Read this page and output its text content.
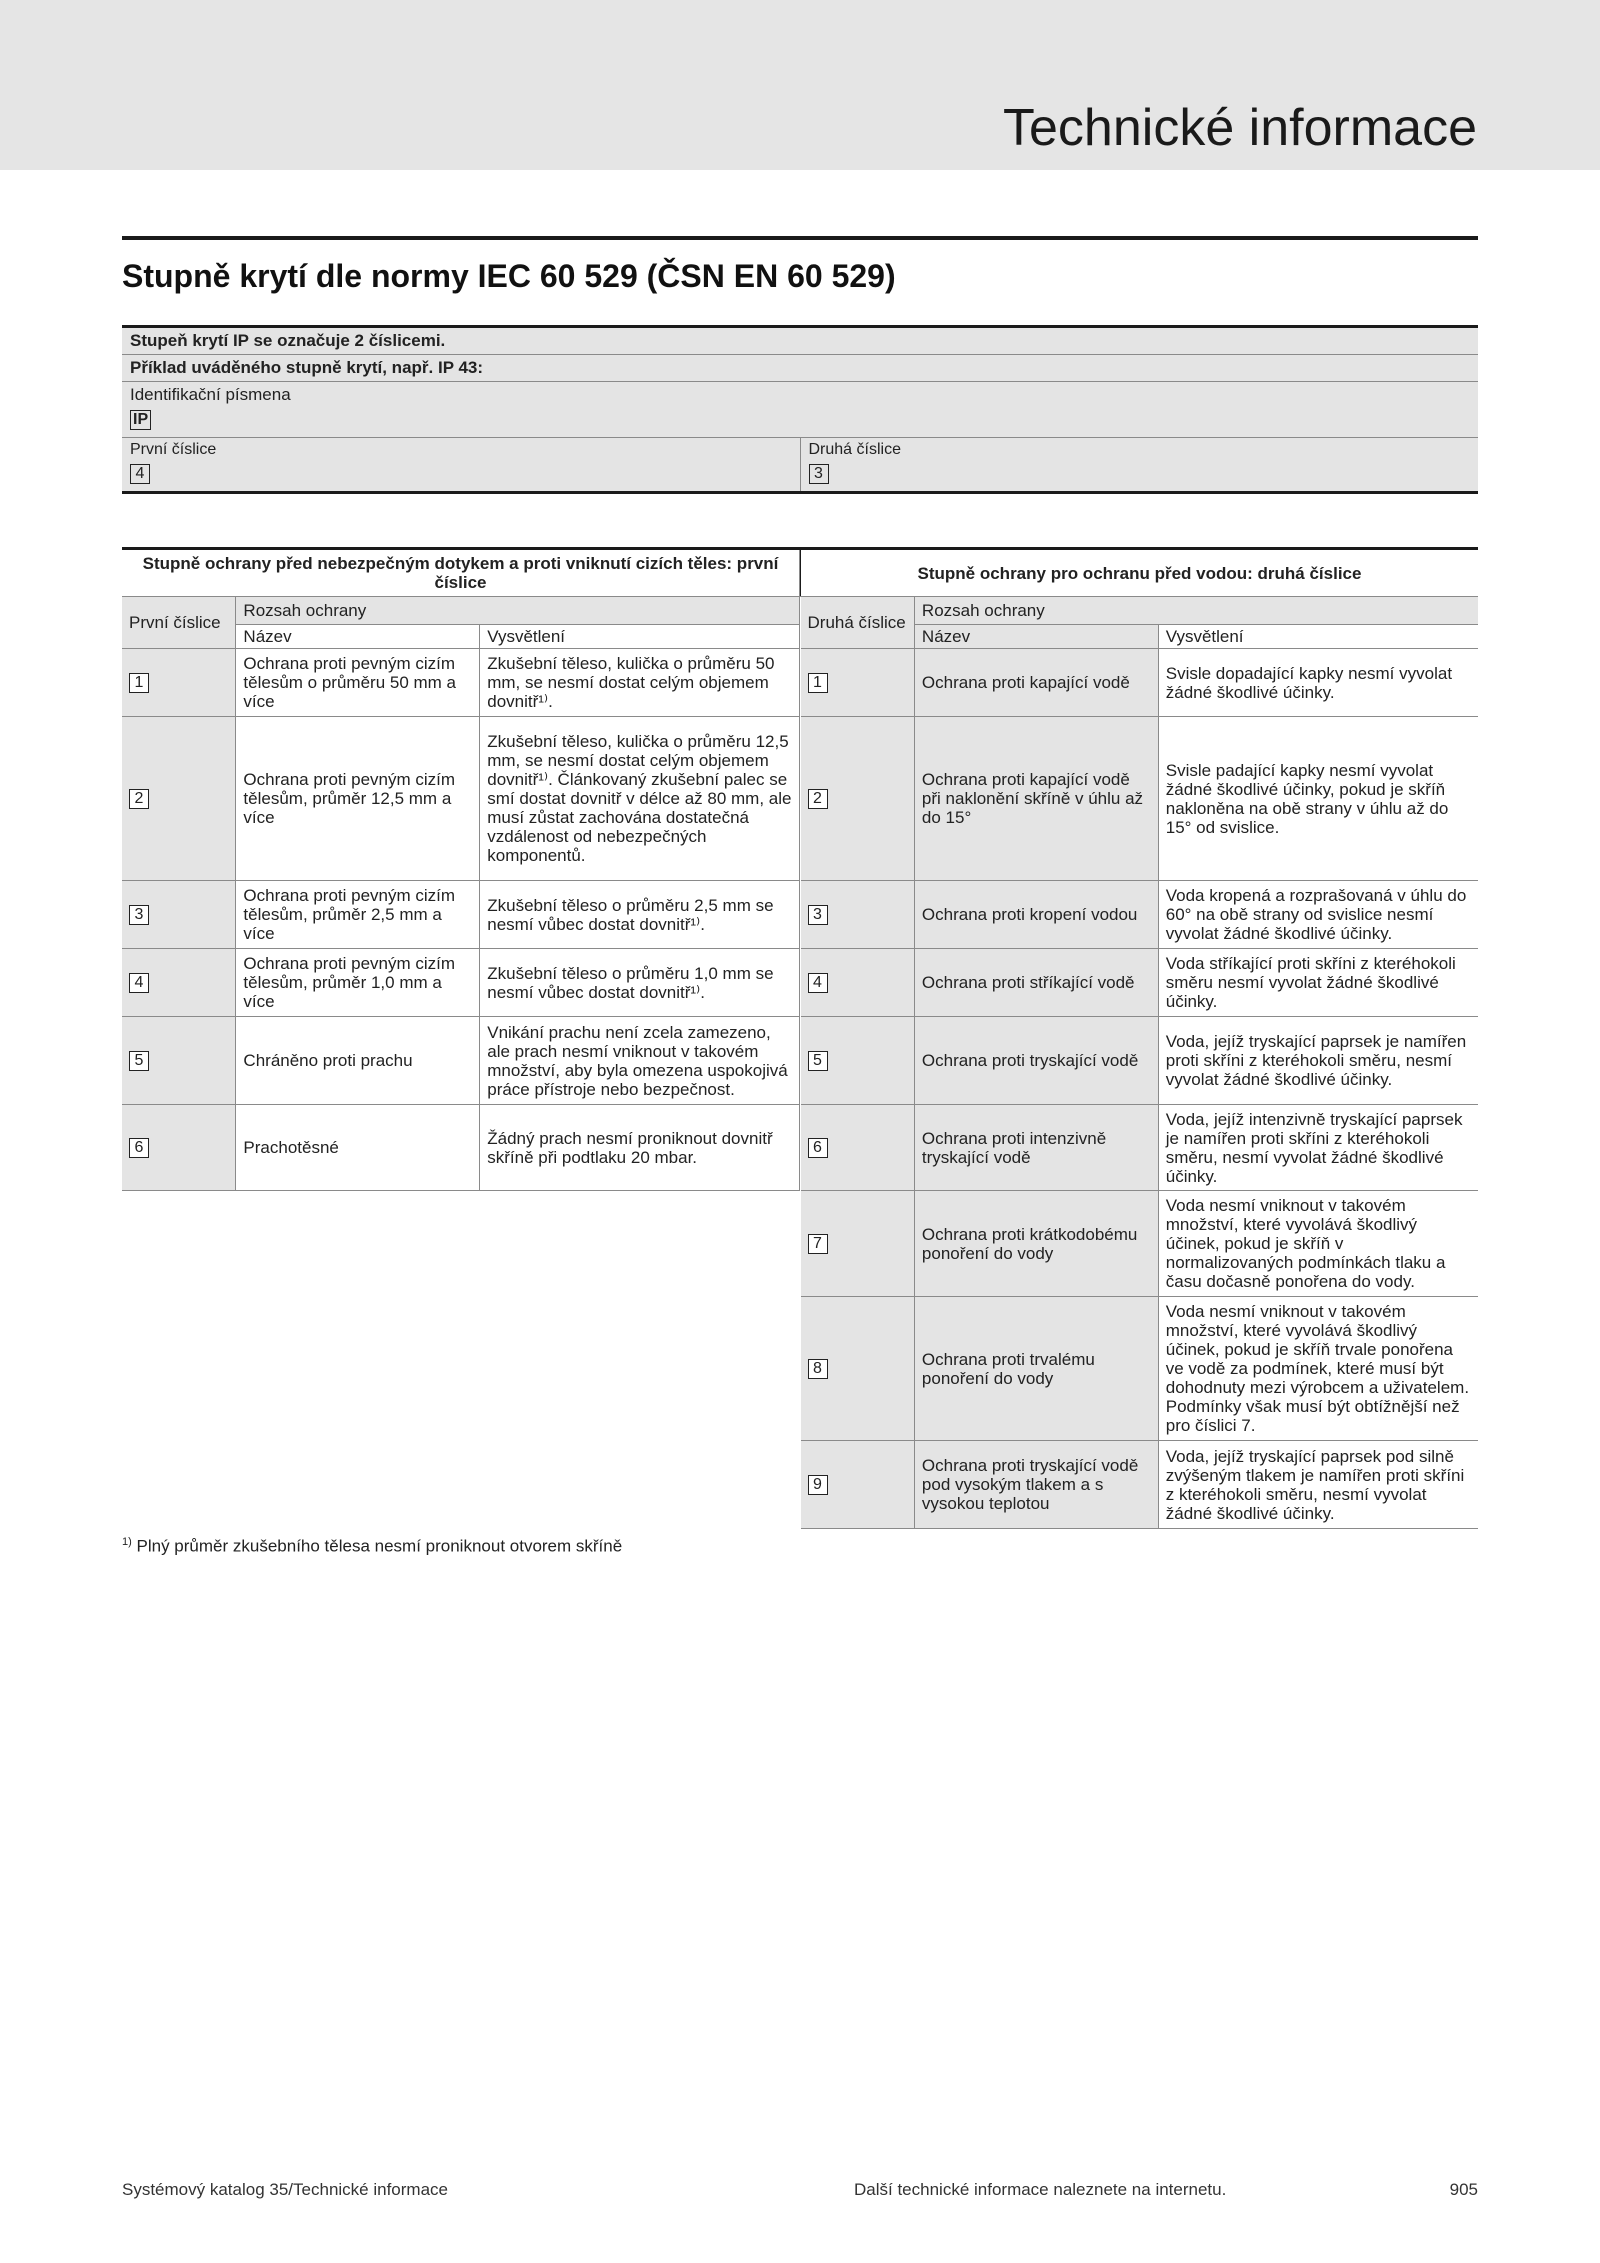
Technické informace
Stupně krytí dle normy IEC 60 529 (ČSN EN 60 529)
Stupeň krytí IP se označuje 2 číslicemi.
Příklad uváděného stupně krytí, např. IP 43:
Identifikační písmena
IP
První číslice
4
Druhá číslice
3
Stupně ochrany před nebezpečným dotykem a proti vniknutí cizích těles: první číslice		
První číslice	Rozsah ochrany	
	Název	Vysvětlení
1	Ochrana proti pevným cizím tělesům o průměru 50 mm a více	Zkušební těleso, kulička o průměru 50 mm, se nesmí dostat celým objemem dovnitř¹⁾.
2	Ochrana proti pevným cizím tělesům, průměr 12,5 mm a více	Zkušební těleso, kulička o průměru 12,5 mm, se nesmí dostat celým objemem dovnitř¹⁾. Článkovaný zkušební palec se smí dostat dovnitř v délce až 80 mm, ale musí zůstat zachována dostatečná vzdálenost od nebezpečných komponentů.
3	Ochrana proti pevným cizím tělesům, průměr 2,5 mm a více	Zkušební těleso o průměru 2,5 mm se nesmí vůbec dostat dovnitř¹⁾.
4	Ochrana proti pevným cizím tělesům, průměr 1,0 mm a více	Zkušební těleso o průměru 1,0 mm se nesmí vůbec dostat dovnitř¹⁾.
5	Chráněno proti prachu	Vnikání prachu není zcela zamezeno, ale prach nesmí vniknout v takovém množství, aby byla omezena uspokojivá práce přístroje nebo bezpečnost.
6	Prachotěsné	Žádný prach nesmí proniknout dovnitř skříně při podtlaku 20 mbar.
Stupně ochrany pro ochranu před vodou: druhá číslice		
Druhá číslice	Rozsah ochrany	
	Název	Vysvětlení
1	Ochrana proti kapající vodě	Svisle dopadající kapky nesmí vyvolat žádné škodlivé účinky.
2	Ochrana proti kapající vodě při naklonění skříně v úhlu až do 15°	Svisle padající kapky nesmí vyvolat žádné škodlivé účinky, pokud je skříň nakloněna na obě strany v úhlu až do 15° od svislice.
3	Ochrana proti kropení vodou	Voda kropená a rozprašovaná v úhlu do 60° na obě strany od svislice nesmí vyvolat žádné škodlivé účinky.
4	Ochrana proti stříkající vodě	Voda stříkající proti skříni z kteréhokoli směru nesmí vyvolat žádné škodlivé účinky.
5	Ochrana proti tryskající vodě	Voda, jejíž tryskající paprsek je namířen proti skříni z kteréhokoli směru, nesmí vyvolat žádné škodlivé účinky.
6	Ochrana proti intenzivně tryskající vodě	Voda, jejíž intenzivně tryskající paprsek je namířen proti skříni z kteréhokoli směru, nesmí vyvolat žádné škodlivé účinky.
7	Ochrana proti krátkodobému ponoření do vody	Voda nesmí vniknout v takovém množství, které vyvolává škodlivý účinek, pokud je skříň v normalizovaných podmínkách tlaku a času dočasně ponořena do vody.
8	Ochrana proti trvalému ponoření do vody	Voda nesmí vniknout v takovém množství, které vyvolává škodlivý účinek, pokud je skříň trvale ponořena ve vodě za podmínek, které musí být dohodnuty mezi výrobcem a uživatelem. Podmínky však musí být obtížnější než pro číslici 7.
9	Ochrana proti tryskající vodě pod vysokým tlakem a s vysokou teplotou	Voda, jejíž tryskající paprsek pod silně zvýšeným tlakem je namířen proti skříni z kteréhokoli směru, nesmí vyvolat žádné škodlivé účinky.
$^{1)}$ Plný průměr zkušebního tělesa nesmí proniknout otvorem skříně
Systémový katalog 35/Technické informace	Další technické informace naleznete na internetu.	905
